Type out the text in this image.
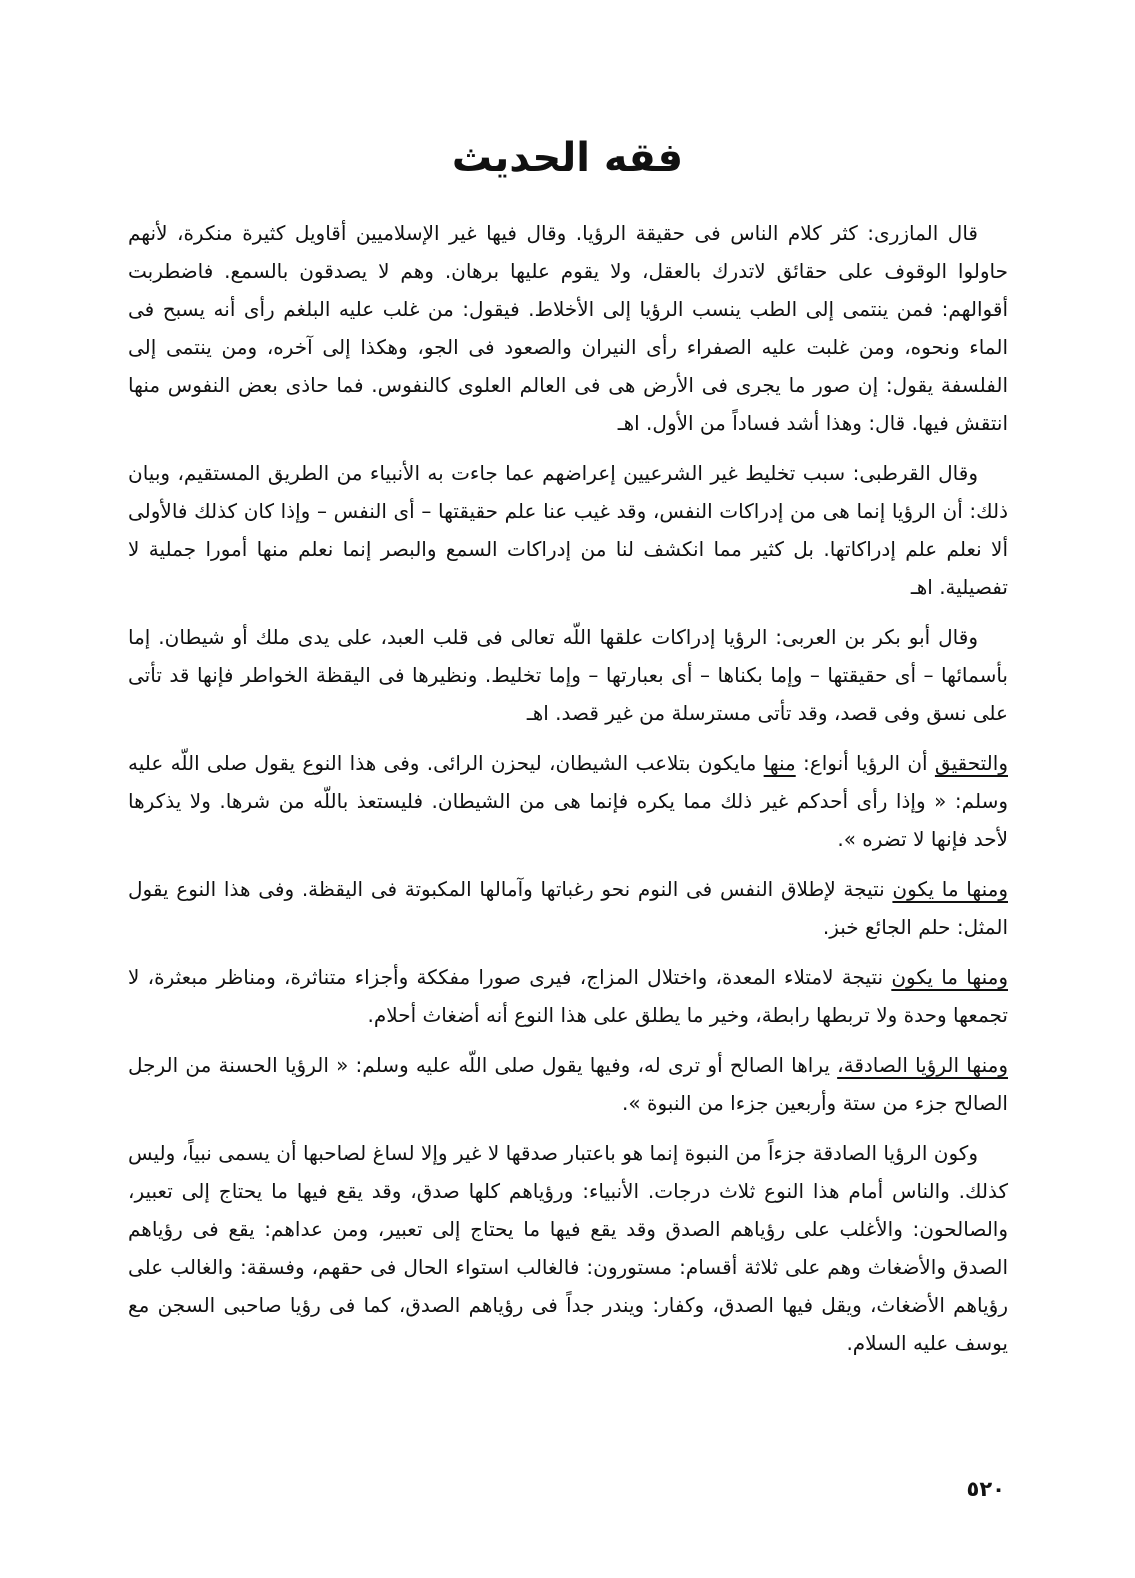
فقه الحديث

قال المازرى: كثر كلام الناس فى حقيقة الرؤيا. وقال فيها غير الإسلاميين أقاويل كثيرة منكرة، لأنهم حاولوا الوقوف على حقائق لاتدرك بالعقل، ولا يقوم عليها برهان. وهم لا يصدقون بالسمع. فاضطربت أقوالهم: فمن ينتمى إلى الطب ينسب الرؤيا إلى الأخلاط. فيقول: من غلب عليه البلغم رأى أنه يسبح فى الماء ونحوه، ومن غلبت عليه الصفراء رأى النيران والصعود فى الجو، وهكذا إلى آخره، ومن ينتمى إلى الفلسفة يقول: إن صور ما يجرى فى الأرض هى فى العالم العلوى كالنفوس. فما حاذى بعض النفوس منها انتقش فيها. قال: وهذا أشد فساداً من الأول. اهـ

وقال القرطبى: سبب تخليط غير الشرعيين إعراضهم عما جاءت به الأنبياء من الطريق المستقيم، وبيان ذلك: أن الرؤيا إنما هى من إدراكات النفس، وقد غيب عنا علم حقيقتها – أى النفس – وإذا كان كذلك فالأولى ألا نعلم علم إدراكاتها. بل كثير مما انكشف لنا من إدراكات السمع والبصر إنما نعلم منها أمورا جملية لا تفصيلية. اهـ

وقال أبو بكر بن العربى: الرؤيا إدراكات علقها اللّه تعالى فى قلب العبد، على يدى ملك أو شيطان. إما بأسمائها – أى حقيقتها – وإما بكناها – أى بعبارتها – وإما تخليط. ونظيرها فى اليقظة الخواطر فإنها قد تأتى على نسق وفى قصد، وقد تأتى مسترسلة من غير قصد. اهـ

والتحقيق أن الرؤيا أنواع: منها مايكون بتلاعب الشيطان، ليحزن الرائى. وفى هذا النوع يقول صلى اللّه عليه وسلم: « وإذا رأى أحدكم غير ذلك مما يكره فإنما هى من الشيطان. فليستعذ باللّه من شرها. ولا يذكرها لأحد فإنها لا تضره ».

ومنها ما يكون نتيجة لإطلاق النفس فى النوم نحو رغباتها وآمالها المكبوتة فى اليقظة. وفى هذا النوع يقول المثل: حلم الجائع خبز.

ومنها ما يكون نتيجة لامتلاء المعدة، واختلال المزاج، فيرى صورا مفككة وأجزاء متناثرة، ومناظر مبعثرة، لا تجمعها وحدة ولا تربطها رابطة، وخير ما يطلق على هذا النوع أنه أضغاث أحلام.

ومنها الرؤيا الصادقة، يراها الصالح أو ترى له، وفيها يقول صلى اللّه عليه وسلم: « الرؤيا الحسنة من الرجل الصالح جزء من ستة وأربعين جزءا من النبوة ».

وكون الرؤيا الصادقة جزءاً من النبوة إنما هو باعتبار صدقها لا غير وإلا لساغ لصاحبها أن يسمى نبياً، وليس كذلك. والناس أمام هذا النوع ثلاث درجات. الأنبياء: ورؤياهم كلها صدق، وقد يقع فيها ما يحتاج إلى تعبير، والصالحون: والأغلب على رؤياهم الصدق وقد يقع فيها ما يحتاج إلى تعبير، ومن عداهم: يقع فى رؤياهم الصدق والأضغاث وهم على ثلاثة أقسام: مستورون: فالغالب استواء الحال فى حقهم، وفسقة: والغالب على رؤياهم الأضغاث، ويقل فيها الصدق، وكفار: ويندر جداً فى رؤياهم الصدق، كما فى رؤيا صاحبى السجن مع يوسف عليه السلام.

٥٢٠
